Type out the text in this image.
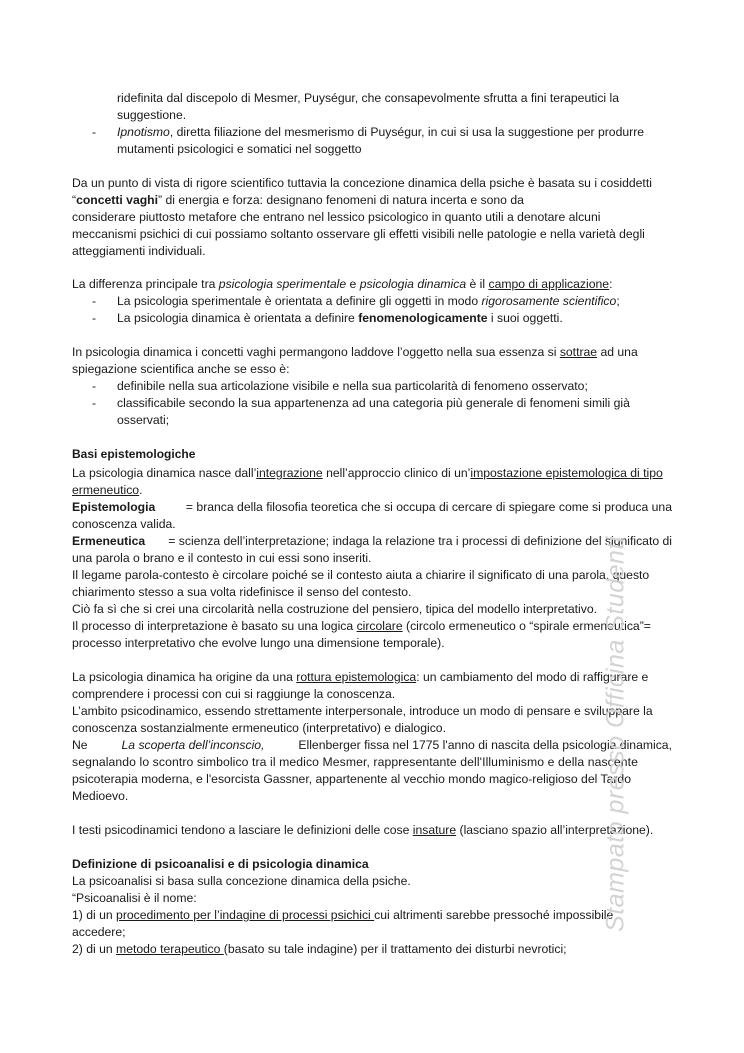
ridefinita dal discepolo di Mesmer, Puységur, che consapevolmente sfrutta a fini terapeutici la
suggestione.
- Ipnotismo, diretta filiazione del mesmerismo di Puységur, in cui si usa la suggestione per produrre
mutamenti psicologici e somatici nel soggetto
Da un punto di vista di rigore scientifico tuttavia la concezione dinamica della psiche è basata su i cosiddetti
“concetti vaghi” di energia e forza: designano fenomeni di natura incerta e sono da
considerare piuttosto metafore che entrano nel lessico psicologico in quanto utili a denotare alcuni
meccanismi psichici di cui possiamo soltanto osservare gli effetti visibili nelle patologie e nella varietà degli
atteggiamenti individuali.
La differenza principale tra psicologia sperimentale e psicologia dinamica è il campo di applicazione:
- La psicologia sperimentale è orientata a definire gli oggetti in modo rigorosamente scientifico;
- La psicologia dinamica è orientata a definire fenomenologicamente i suoi oggetti.
In psicologia dinamica i concetti vaghi permangono laddove l’oggetto nella sua essenza si sottrae ad una
spiegazione scientifica anche se esso è:
- definibile nella sua articolazione visibile e nella sua particolarità di fenomeno osservato;
- classificabile secondo la sua appartenenza ad una categoria più generale di fenomeni simili già
osservati;
Basi epistemologiche
La psicologia dinamica nasce dall’integrazione nell’approccio clinico di un’impostazione epistemologica di tipo
ermeneutico.
Epistemologia	= branca della filosofia teoretica che si occupa di cercare di spiegare come si produca una
conoscenza valida.
Ermeneutica	= scienza dell’interpretazione; indaga la relazione tra i processi di definizione del significato di
una parola o brano e il contesto in cui essi sono inseriti.
Il legame parola-contesto è circolare poiché se il contesto aiuta a chiarire il significato di una parola, questo
chiarimento stesso a sua volta ridefinisce il senso del contesto.
Ciò fa sì che si crei una circolarità nella costruzione del pensiero, tipica del modello interpretativo.
Il processo di interpretazione è basato su una logica circolare (circolo ermeneutico o “spirale ermeneutica”=
processo interpretativo che evolve lungo una dimensione temporale).
La psicologia dinamica ha origine da una rottura epistemologica: un cambiamento del modo di raffigurare e
comprendere i processi con cui si raggiunge la conoscenza.
L’ambito psicodinamico, essendo strettamente interpersonale, introduce un modo di pensare e sviluppare la
conoscenza sostanzialmente ermeneutico (interpretativo) e dialogico.
Ne	La scoperta dell’inconscio,	Ellenberger fissa nel 1775 l'anno di nascita della psicologia dinamica,
segnalando lo scontro simbolico tra il medico Mesmer, rappresentante dell'Illuminismo e della nascente
psicoterapia moderna, e l'esorcista Gassner, appartenente al vecchio mondo magico-religioso del Tardo
Medioevo.
I testi psicodinamici tendono a lasciare le definizioni delle cose insature (lasciano spazio all’interpretazione).
Definizione di psicoanalisi e di psicologia dinamica
La psicoanalisi si basa sulla concezione dinamica della psiche.
“Psicoanalisi è il nome:
1) di un procedimento per l’indagine di processi psichici cui altrimenti sarebbe pressoché impossibile
accedere;
2) di un metodo terapeutico (basato su tale indagine) per il trattamento dei disturbi nevrotici;
Stampato presso Officina Studenti
